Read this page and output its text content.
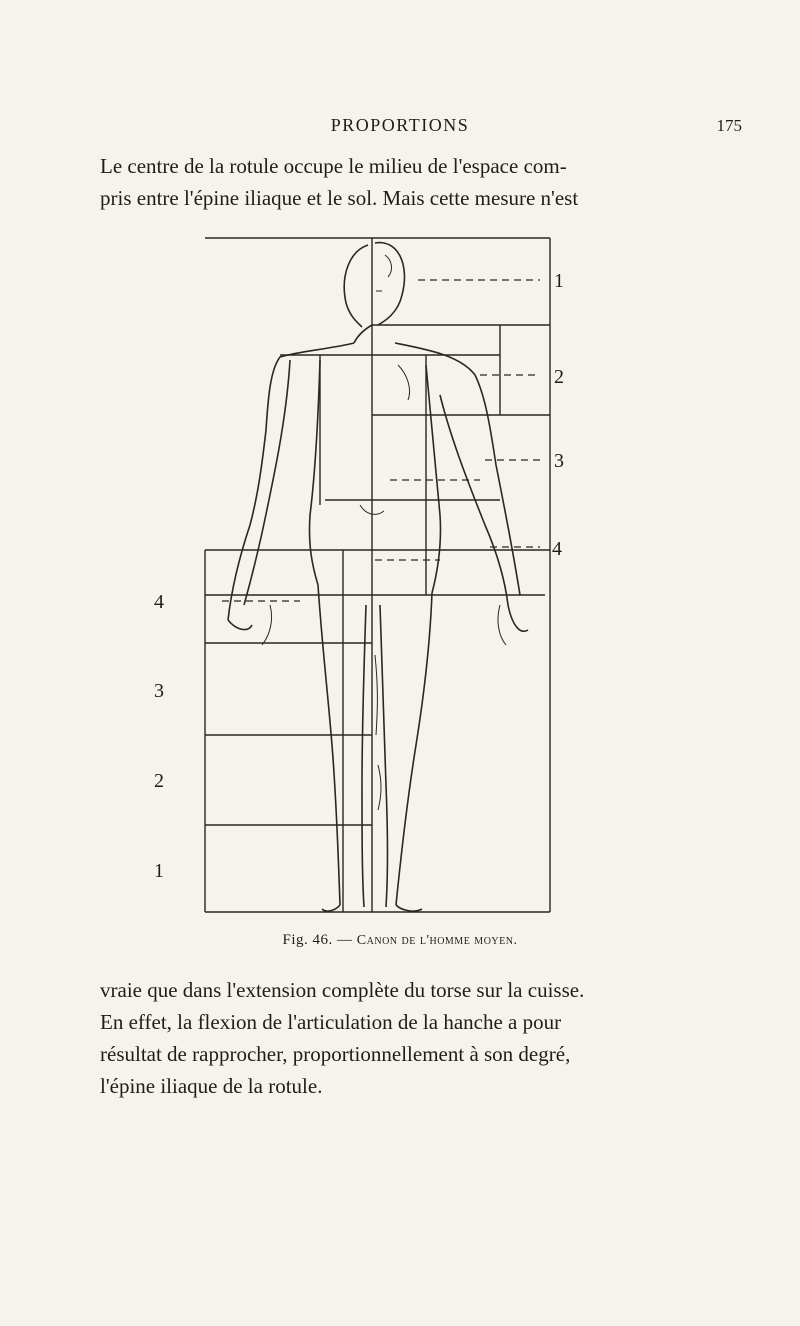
PROPORTIONS	175
Le centre de la rotule occupe le milieu de l'espace com-
pris entre l'épine iliaque et le sol. Mais cette mesure n'est
1
2
3
4
4
3
2
1
Fig. 46. — Canon de l'homme moyen.
vraie que dans l'extension complète du torse sur la cuisse.
En effet, la flexion de l'articulation de la hanche a pour
résultat de rapprocher, proportionnellement à son degré,
l'épine iliaque de la rotule.
